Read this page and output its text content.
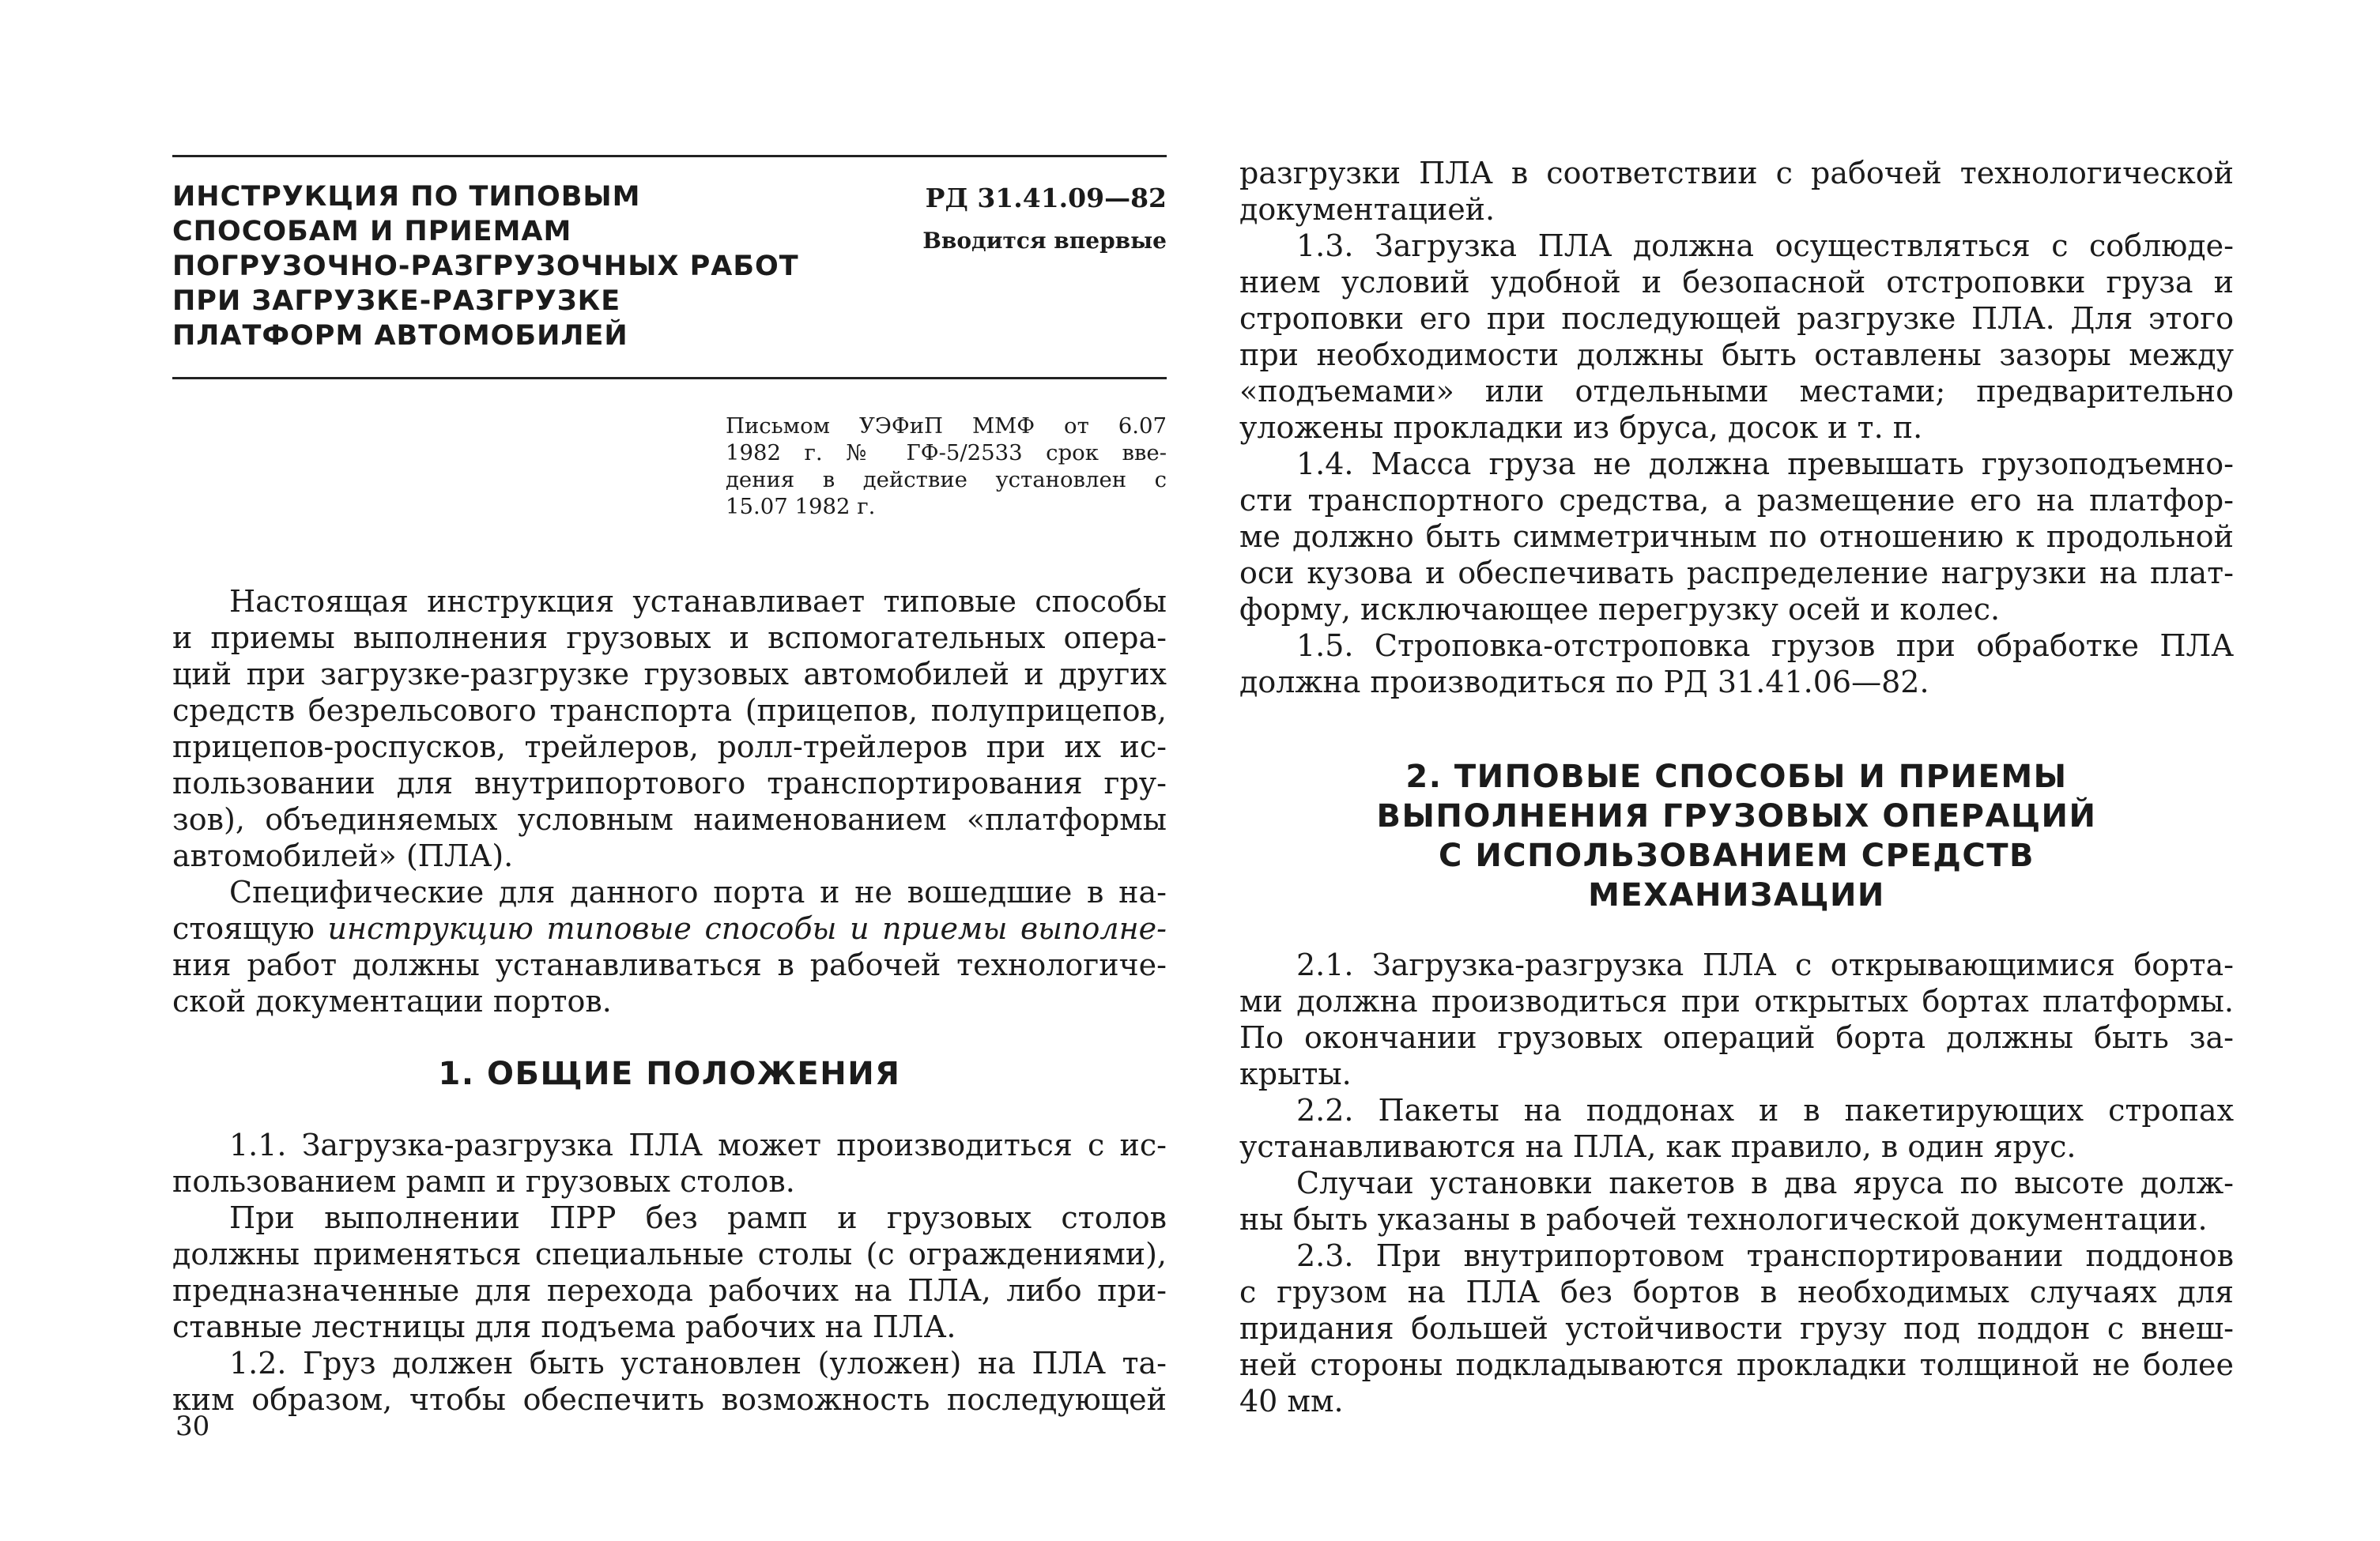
ИНСТРУКЦИЯ ПО ТИПОВЫМ
СПОСОБАМ И ПРИЕМАМ
ПОГРУЗОЧНО-РАЗГРУЗОЧНЫХ РАБОТ
ПРИ ЗАГРУЗКЕ-РАЗГРУЗКЕ
ПЛАТФОРМ АВТОМОБИЛЕЙ
РД 31.41.09—82
Вводится впервые
Письмом УЭФиП ММФ от 6.07
1982 г. № ГФ-5/2533 срок вве-
дения в действие установлен с
15.07 1982 г.

Настоящая инструкция устанавливает типовые способы
и приемы выполнения грузовых и вспомогательных опера-
ций при загрузке-разгрузке грузовых автомобилей и других
средств безрельсового транспорта (прицепов, полуприцепов,
прицепов-роспусков, трейлеров, ролл-трейлеров при их ис-
пользовании для внутрипортового транспортирования гру-
зов), объединяемых условным наименованием «платформы
автомобилей» (ПЛА).

Специфические для данного порта и не вошедшие в на-
стоящую инструкцию типовые способы и приемы выполне-
ния работ должны устанавливаться в рабочей технологиче-
ской документации портов.

1. ОБЩИЕ ПОЛОЖЕНИЯ

1.1. Загрузка-разгрузка ПЛА может производиться с ис-
пользованием рамп и грузовых столов.

При выполнении ПРР без рамп и грузовых столов
должны применяться специальные столы (с ограждениями),
предназначенные для перехода рабочих на ПЛА, либо при-
ставные лестницы для подъема рабочих на ПЛА.

1.2. Груз должен быть установлен (уложен) на ПЛА та-
ким образом, чтобы обеспечить возможность последующей

30

разгрузки ПЛА в соответствии с рабочей технологической
документацией.

1.3. Загрузка ПЛА должна осуществляться с соблюде-
нием условий удобной и безопасной отстроповки груза и
строповки его при последующей разгрузке ПЛА. Для этого
при необходимости должны быть оставлены зазоры между
«подъемами» или отдельными местами; предварительно
уложены прокладки из бруса, досок и т. п.

1.4. Масса груза не должна превышать грузоподъемно-
сти транспортного средства, а размещение его на платфор-
ме должно быть симметричным по отношению к продольной
оси кузова и обеспечивать распределение нагрузки на плат-
форму, исключающее перегрузку осей и колес.

1.5. Строповка-отстроповка грузов при обработке ПЛА
должна производиться по РД 31.41.06—82.

2. ТИПОВЫЕ СПОСОБЫ И ПРИЕМЫ
ВЫПОЛНЕНИЯ ГРУЗОВЫХ ОПЕРАЦИЙ
С ИСПОЛЬЗОВАНИЕМ СРЕДСТВ
МЕХАНИЗАЦИИ

2.1. Загрузка-разгрузка ПЛА с открывающимися борта-
ми должна производиться при открытых бортах платформы.
По окончании грузовых операций борта должны быть за-
крыты.

2.2. Пакеты на поддонах и в пакетирующих стропах
устанавливаются на ПЛА, как правило, в один ярус.

Случаи установки пакетов в два яруса по высоте долж-
ны быть указаны в рабочей технологической документации.

2.3. При внутрипортовом транспортировании поддонов
с грузом на ПЛА без бортов в необходимых случаях для
придания большей устойчивости грузу под поддон с внеш-
ней стороны подкладываются прокладки толщиной не более
40 мм.
